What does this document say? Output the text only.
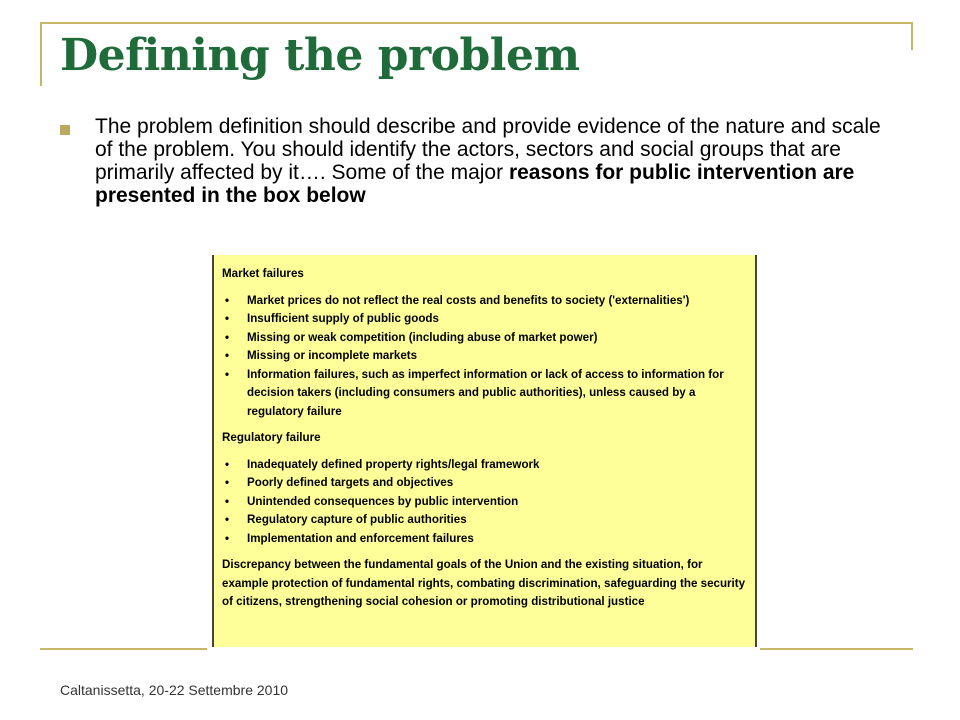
Defining the problem
The problem definition should describe and provide evidence of the nature and scale of the problem. You should identify the actors, sectors and social groups that are primarily affected by it…. Some of the major reasons for public intervention are presented in the box below

Market failures

• Market prices do not reflect the real costs and benefits to society ('externalities')
• Insufficient supply of public goods
• Missing or weak competition (including abuse of market power)
• Missing or incomplete markets
• Information failures, such as imperfect information or lack of access to information for decision takers (including consumers and public authorities), unless caused by a regulatory failure

Regulatory failure

• Inadequately defined property rights/legal framework
• Poorly defined targets and objectives
• Unintended consequences by public intervention
• Regulatory capture of public authorities
• Implementation and enforcement failures

Discrepancy between the fundamental goals of the Union and the existing situation, for example protection of fundamental rights, combating discrimination, safeguarding the security of citizens, strengthening social cohesion or promoting distributional justice

Caltanissetta, 20-22 Settembre 2010
